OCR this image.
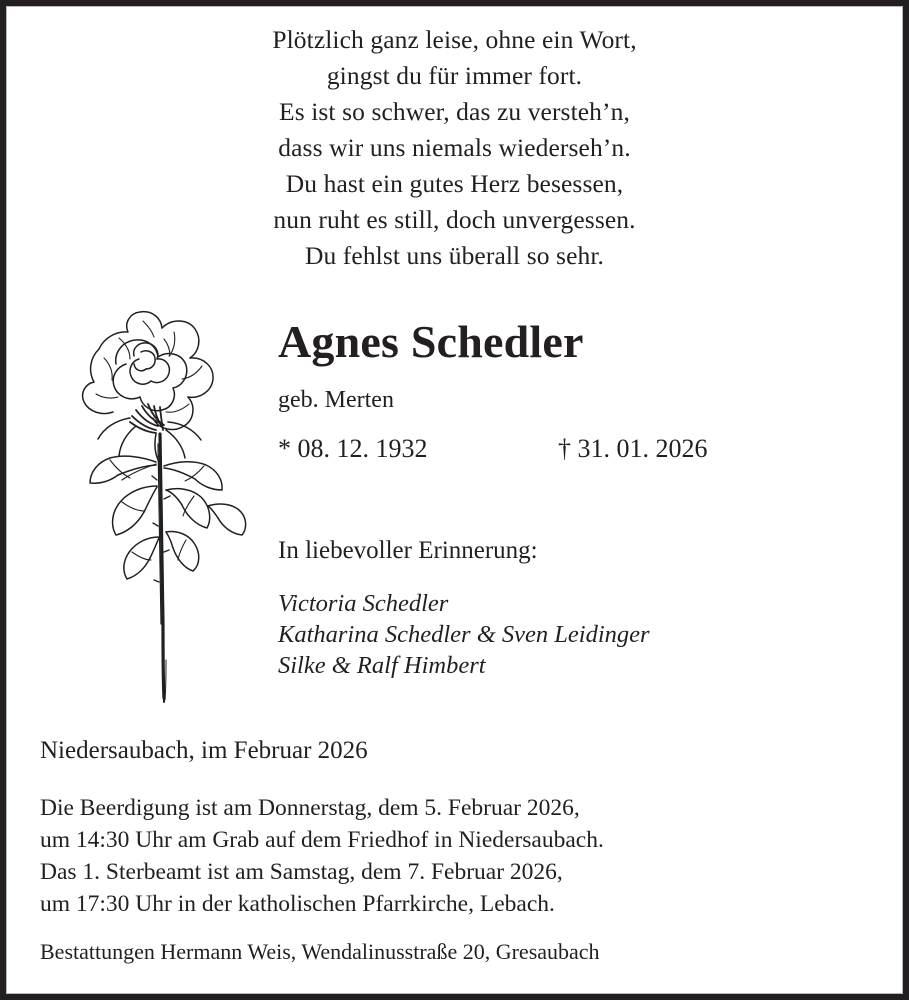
Plötzlich ganz leise, ohne ein Wort,
gingst du für immer fort.
Es ist so schwer, das zu versteh’n,
dass wir uns niemals wiederseh’n.
Du hast ein gutes Herz besessen,
nun ruht es still, doch unvergessen.
Du fehlst uns überall so sehr.
Agnes Schedler

geb. Merten

* 08. 12. 1932	† 31. 01. 2026

In liebevoller Erinnerung:

Victoria Schedler
Katharina Schedler & Sven Leidinger
Silke & Ralf Himbert
Niedersaubach, im Februar 2026
Die Beerdigung ist am Donnerstag, dem 5. Februar 2026,
um 14:30 Uhr am Grab auf dem Friedhof in Niedersaubach.
Das 1. Sterbeamt ist am Samstag, dem 7. Februar 2026,
um 17:30 Uhr in der katholischen Pfarrkirche, Lebach.
Bestattungen Hermann Weis, Wendalinusstraße 20, Gresaubach
